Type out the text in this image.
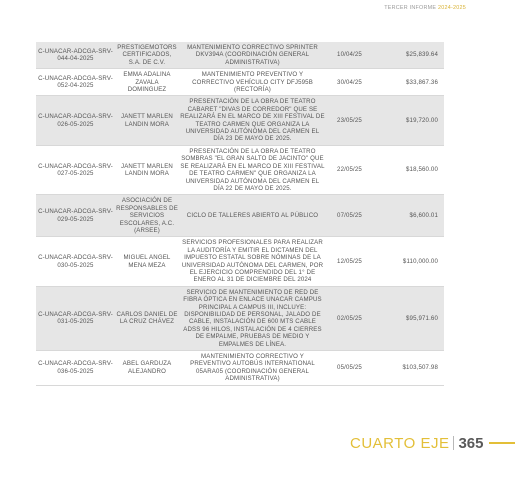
TERCER INFORME 2024-2025
C-UNACAR-ADCGA-SRV-044-04-2025	PRESTIGEMOTORS CERTIFICADOS, S.A. DE C.V.	MANTENIMIENTO CORRECTIVO SPRINTER DKV394A (COORDINACIÓN GENERAL ADMINISTRATIVA)	10/04/25	$25,839.64
C-UNACAR-ADCGA-SRV-052-04-2025	EMMA ADALINA ZAVALA DOMINGUEZ	MANTENIMIENTO PREVENTIVO Y CORRECTIVO VEHÍCULO CITY DFJ595B (RECTORÍA)	30/04/25	$33,867.36
C-UNACAR-ADCGA-SRV-026-05-2025	JANETT MARLEN LANDIN MORA	PRESENTACIÓN DE LA OBRA DE TEATRO CABARET "DIVAS DE CORREDOR" QUE SE REALIZARÁ EN EL MARCO DE XIII FESTIVAL DE TEATRO CARMEN QUE ORGANIZA LA UNIVERSIDAD AUTÓNOMA DEL CARMEN EL DÍA 23 DE MAYO DE 2025.	23/05/25	$19,720.00
C-UNACAR-ADCGA-SRV-027-05-2025	JANETT MARLEN LANDIN MORA	PRESENTACIÓN DE LA OBRA DE TEATRO SOMBRAS "EL GRAN SALTO DE JACINTO" QUE SE REALIZARÁ EN EL MARCO DE XIII FESTIVAL DE TEATRO CARMEN" QUE ORGANIZA LA UNIVERSIDAD AUTÓNOMA DEL CARMEN EL DÍA 22 DE MAYO DE 2025.	22/05/25	$18,560.00
C-UNACAR-ADCGA-SRV-029-05-2025	ASOCIACIÓN DE RESPONSABLES DE SERVICIOS ESCOLARES, A.C. (ARSEE)	CICLO DE TALLERES ABIERTO AL PÚBLICO	07/05/25	$6,600.01
C-UNACAR-ADCGA-SRV-030-05-2025	MIGUEL ANGEL MENA MEZA	SERVICIOS PROFESIONALES PARA REALIZAR LA AUDITORÍA Y EMITIR EL DICTAMEN DEL IMPUESTO ESTATAL SOBRE NÓMINAS DE LA UNIVERSIDAD AUTÓNOMA DEL CARMEN, POR EL EJERCICIO COMPRENDIDO DEL 1° DE ENERO AL 31 DE DICIEMBRE DEL 2024	12/05/25	$110,000.00
C-UNACAR-ADCGA-SRV-031-05-2025	CARLOS DANIEL DE LA CRUZ CHÁVEZ	SERVICIO DE MANTENIMIENTO DE RED DE FIBRA ÓPTICA EN ENLACE UNACAR CAMPUS PRINCIPAL A CAMPUS III, INCLUYE: DISPONIBILIDAD DE PERSONAL, JALADO DE CABLE, INSTALACIÓN DE 600 MTS CABLE ADSS 96 HILOS, INSTALACIÓN DE 4 CIERRES DE EMPALME, PRUEBAS DE MEDIO Y EMPALMES DE LÍNEA.	02/05/25	$95,971.60
C-UNACAR-ADCGA-SRV-036-05-2025	ABEL GARDUZA ALEJANDRO	MANTENIMIENTO CORRECTIVO Y PREVENTIVO AUTOBÚS INTERNATIONAL 05ARA05 (COORDINACIÓN GENERAL ADMINISTRATIVA)	05/05/25	$103,507.98
CUARTO EJE 365
